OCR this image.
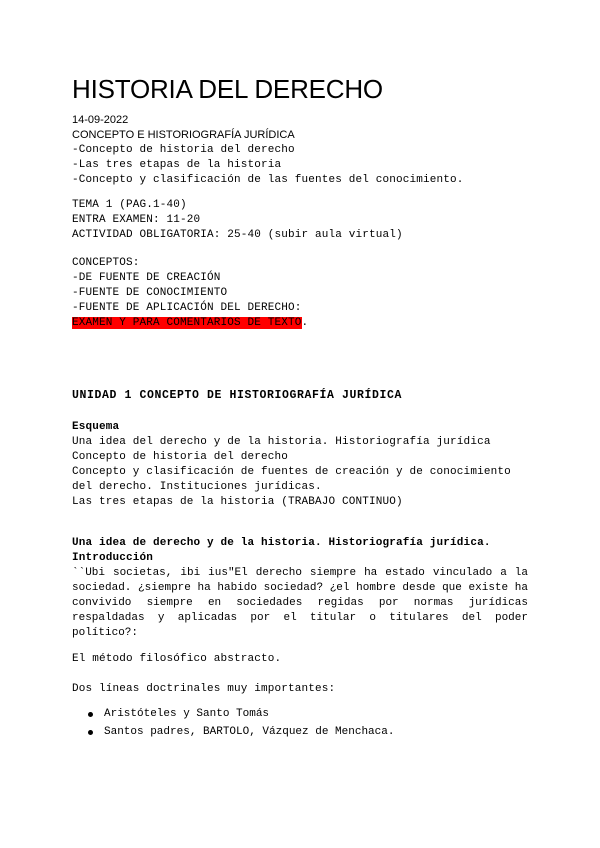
HISTORIA DEL DERECHO
14-09-2022
CONCEPTO E HISTORIOGRAFÍA JURÍDICA
-Concepto de historia del derecho
-Las tres etapas de la historia
-Concepto y clasificación de las fuentes del conocimiento.
TEMA 1 (PAG.1-40)
ENTRA EXAMEN: 11-20
ACTIVIDAD OBLIGATORIA: 25-40 (subir aula virtual)
CONCEPTOS:
-DE FUENTE DE CREACIÓN
-FUENTE DE CONOCIMIENTO
-FUENTE DE APLICACIÓN DEL DERECHO:
EXAMEN Y PARA COMENTARIOS DE TEXTO.
UNIDAD 1 CONCEPTO DE HISTORIOGRAFÍA JURÍDICA
Esquema
Una idea del derecho y de la historia. Historiografía jurídica
Concepto de historia del derecho
Concepto y clasificación de fuentes de creación y de conocimiento
del derecho. Instituciones jurídicas.
Las tres etapas de la historia (TRABAJO CONTINUO)
Una idea de derecho y de la historia. Historiografía jurídica.
Introducción

``Ubi societas, ibi ius"El derecho siempre ha estado vinculado a la sociedad. ¿siempre ha habido sociedad? ¿el hombre desde que existe ha convivido siempre en sociedades regidas por normas jurídicas respaldadas y aplicadas por el titular o titulares del poder político?:

El método filosófico abstracto.
Dos líneas doctrinales muy importantes:
Aristóteles y Santo Tomás
Santos padres, BARTOLO, Vázquez de Menchaca.
